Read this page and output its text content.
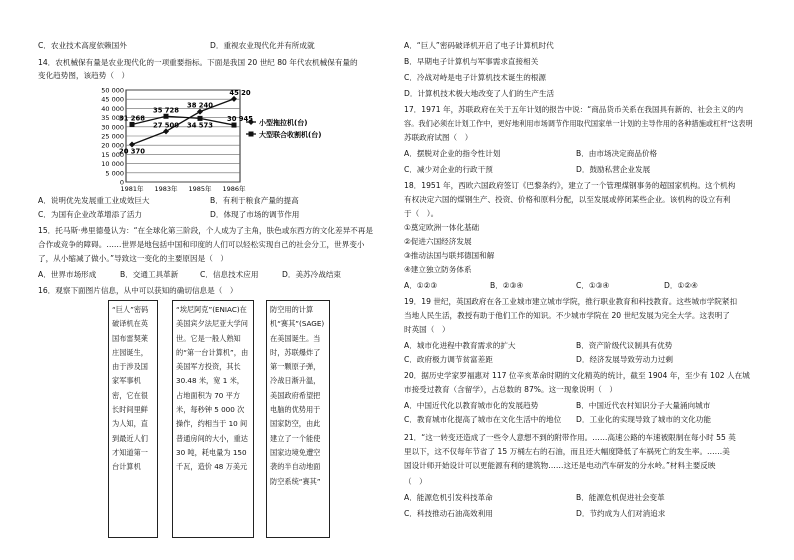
C．农业技术高度依赖国外	D．重视农业现代化并有所成就
14．农机械保有量是农业现代化的一项重要指标。下面是我国 20 世纪 80 年代农机械保有量的
变化趋势图，该趋势（　）
50 000
45 000
40 000
35 000
30 000
25 000
20 000
15 000
10 000
5 000
0
1981年 1983年 1985年 1986年
20 370
27 500
38 240
45 20
小型拖拉机(台)
31 268
35 728
34 573
30 945
大型联合收割机(台)
A．说明优先发展重工业成效巨大	B．有利于粮食产量的提高
C．为国有企业改革增添了活力	D．体现了市场的调节作用
15．托马斯·弗里德曼认为：“在全球化第三阶段，个人成为了主角，肤色或东西方的文化差异不再是
合作或竞争的障碍。……世界是地包括中国和印度的人们可以轻松实现自己的社会分工，世界变小
了，从小缩减了做小。”导致这一变化的主要原因是（　）
A．世界市场形成	B．交通工具革新	C．信息技术应用	D．美苏冷战结束
16．观察下面图片信息，从中可以获知的确切信息是（　）
“巨人”密码破译机在英国布雷契莱庄园诞生，由于涉及国家军事机密，它在很长时间里鲜为人知，直到最近人们才知道第一台计算机
“埃尼阿克”(ENIAC)在美国宾夕法尼亚大学问世。它是一般人熟知的“第一台计算机”，由美国军方投资，其长 30.48 米，宽 1 米，占地面积为 70 平方米，每秒钟 5 000 次操作，约相当于 10 间普通房间的大小，重达 30 吨，耗电量为 150 千瓦，造价 48 万美元
防空用的计算机“赛其”(SAGE) 在美国诞生。当时，苏联爆炸了第一颗原子弹，冷战日渐升温，美国政府希望把电脑的优势用于国家防空，由此建立了一个能使国家边境免遭空袭的半自动地面防空系统“赛其”
A．“巨人”密码破译机开启了电子计算机时代
B．早期电子计算机与军事需求直接相关
C．冷战对峙是电子计算机技术诞生的根源
D．计算机技术极大地改变了人们的生产生活
17．1971 年，苏联政府在关于五年计划的报告中说：“商品货币关系在我国具有新的、社会主义的内
容。我们必须在计划工作中，更好地利用市场调节作用取代国家单一计划的主导作用的各种措施或杠杆”这表明
苏联政府试图（　）
A．摆脱对企业的指令性计划	B．由市场决定商品价格
C．减少对企业的行政干预	D．鼓励私营企业发展
18．1951 年，西欧六国政府签订《巴黎条约》，建立了一个管理煤钢事务的超国家机构。这个机构
有权决定六国的煤钢生产、投资、价格和原料分配，以至发展或停闭某些企业。该机构的设立有利
于（　）。
①奠定欧洲一体化基础
②促进六国经济发展
③推动法国与联邦德国和解
④建立独立防务体系
A．①②③	B．②③④	C．①③④	D．①②④
19．19 世纪，英国政府在各工业城市建立城市学院，推行职业教育和科技教育。这些城市学院紧扣
当地人民生活，教授有助于他们工作的知识。不少城市学院在 20 世纪发展为完全大学。这表明了
时英国（　）
A．城市化进程中教育需求的扩大	B．资产阶级代议制具有优势
C．政府极力调节贫富差距	D．经济发展导致劳动力过剩
20．据历史学家罗福惠对 117 位辛亥革命时期的文化精英的统计，截至 1904 年，至少有 102 人在城
市接受过教育（含留学），占总数的 87%。这一现象说明（　）
A．中国近代化以教育城市化的发展趋势	B．中国近代农村知识分子大量涌向城市
C．教育城市化提高了城市在文化生活中的地位 D．工业化的实现导致了城市的文化功能
21．“这一转变还造成了一些令人意想不到的附带作用。……高速公路的车速被限制在每小时 55 英
里以下，这不仅每年节省了 15 万桶左右的石油，而且还大幅度降低了车祸死亡的发生率。……美
国设计师开始设计可以更能源有利的建筑物……这还是电动汽车研发的分水岭。”材料主要反映
（　）
A．能源危机引发科技革命	B．能源危机促进社会变革
C．科技推动石油高效利用	D．节约成为人们对消追求
